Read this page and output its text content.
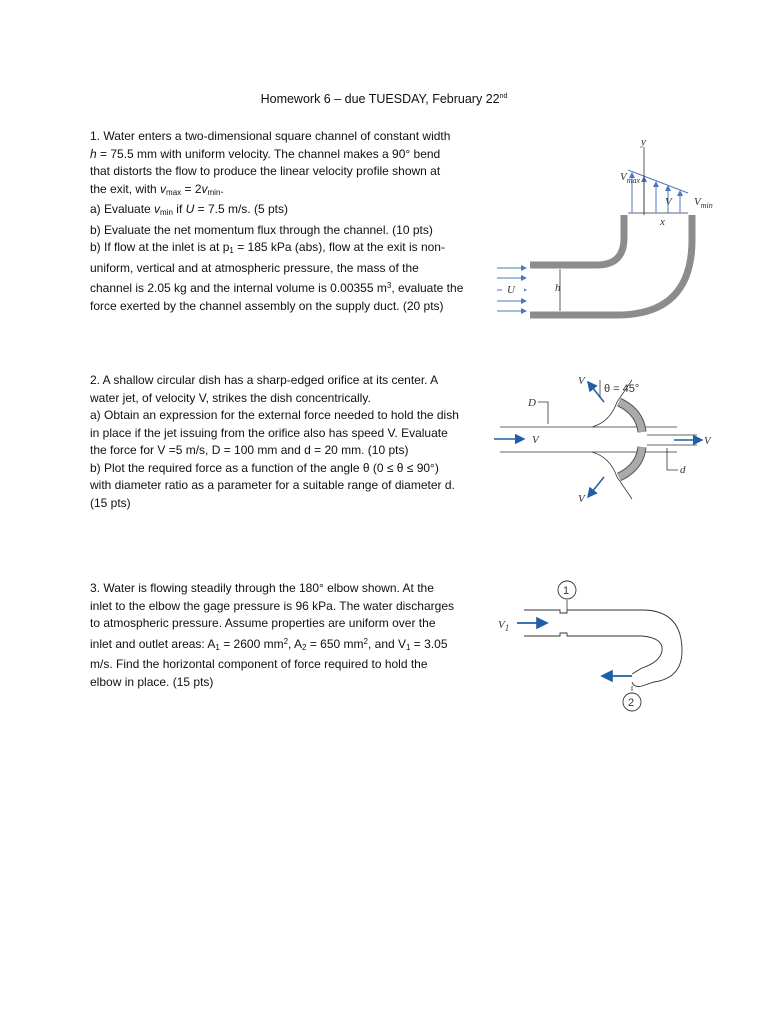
Homework 6 – due TUESDAY, February 22nd

1. Water enters a two-dimensional square channel of constant width

h = 75.5 mm with uniform velocity. The channel makes a 90° bend

that distorts the flow to produce the linear velocity profile shown at

the exit, with $v_{max} = 2v_{min}$.

a) Evaluate $v_{min}$ if U = 7.5 m/s. (5 pts)

b) Evaluate the net momentum flux through the channel. (10 pts)

b) If flow at the inlet is at $p_1 = 185$ kPa (abs), flow at the exit is non-

uniform, vertical and at atmospheric pressure, the mass of the

channel is 2.05 kg and the internal volume is 0.00355 $m^3$, evaluate the

force exerted by the channel assembly on the supply duct. (20 pts)

2. A shallow circular dish has a sharp-edged orifice at its center. A

water jet, of velocity V, strikes the dish concentrically.

a) Obtain an expression for the external force needed to hold the dish

in place if the jet issuing from the orifice also has speed V. Evaluate

the force for V =5 m/s, D = 100 mm and d = 20 mm. (10 pts)

b) Plot the required force as a function of the angle θ (0 ≤ θ ≤ 90°)

with diameter ratio as a parameter for a suitable range of diameter d.

(15 pts)

3. Water is flowing steadily through the 180° elbow shown. At the

inlet to the elbow the gage pressure is 96 kPa. The water discharges

to atmospheric pressure. Assume properties are uniform over the

inlet and outlet areas: $A_1 = 2600$ $mm^2$, $A_2 = 650$ $mm^2$, and $V_1 = 3.05$

m/s. Find the horizontal component of force required to hold the

elbow in place. (15 pts)

U	h
y
x
$V_{max}$
V $V_{min}$
V
D
V
d
V
V
θ = 45°
1
$V_1$
2
